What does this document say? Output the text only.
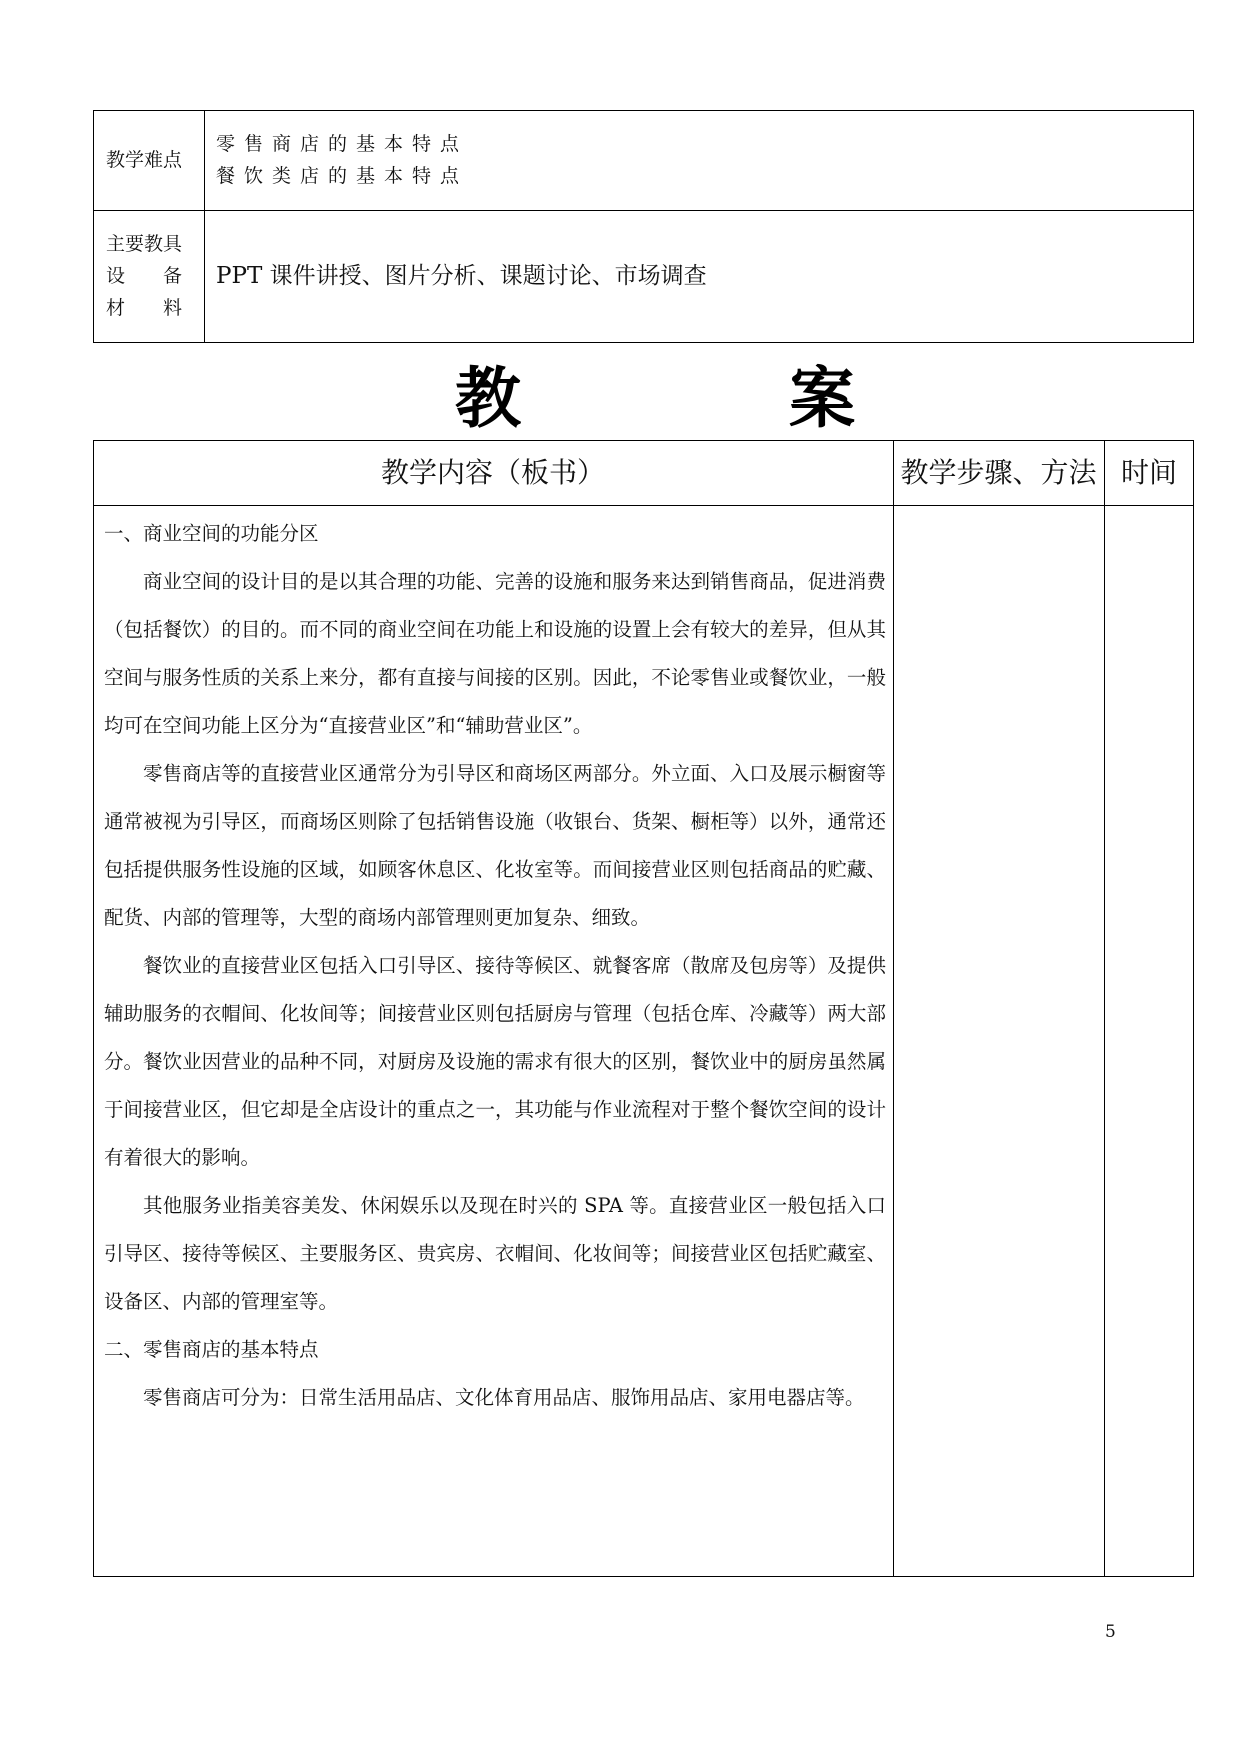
教学难点
零售商店的基本特点
餐饮类店的基本特点
主要教具
设　　备
材　　料
PPT 课件讲授、图片分析、课题讨论、市场调查
教	案
教学内容（板书）	教学步骤、方法 时间

一、商业空间的功能分区

商业空间的设计目的是以其合理的功能、完善的设施和服务来达到销售商品，促进消费（包括餐饮）的目的。而不同的商业空间在功能上和设施的设置上会有较大的差异，但从其空间与服务性质的关系上来分，都有直接与间接的区别。因此，不论零售业或餐饮业，一般均可在空间功能上区分为“直接营业区”和“辅助营业区”。

零售商店等的直接营业区通常分为引导区和商场区两部分。外立面、入口及展示橱窗等通常被视为引导区，而商场区则除了包括销售设施（收银台、货架、橱柜等）以外，通常还包括提供服务性设施的区域，如顾客休息区、化妆室等。而间接营业区则包括商品的贮藏、配货、内部的管理等，大型的商场内部管理则更加复杂、细致。

餐饮业的直接营业区包括入口引导区、接待等候区、就餐客席（散席及包房等）及提供辅助服务的衣帽间、化妆间等；间接营业区则包括厨房与管理（包括仓库、冷藏等）两大部分。餐饮业因营业的品种不同，对厨房及设施的需求有很大的区别，餐饮业中的厨房虽然属于间接营业区，但它却是全店设计的重点之一，其功能与作业流程对于整个餐饮空间的设计有着很大的影响。

其他服务业指美容美发、休闲娱乐以及现在时兴的 SPA 等。直接营业区一般包括入口引导区、接待等候区、主要服务区、贵宾房、衣帽间、化妆间等；间接营业区包括贮藏室、设备区、内部的管理室等。

二、零售商店的基本特点

零售商店可分为：日常生活用品店、文化体育用品店、服饰用品店、家用电器店等。

5
